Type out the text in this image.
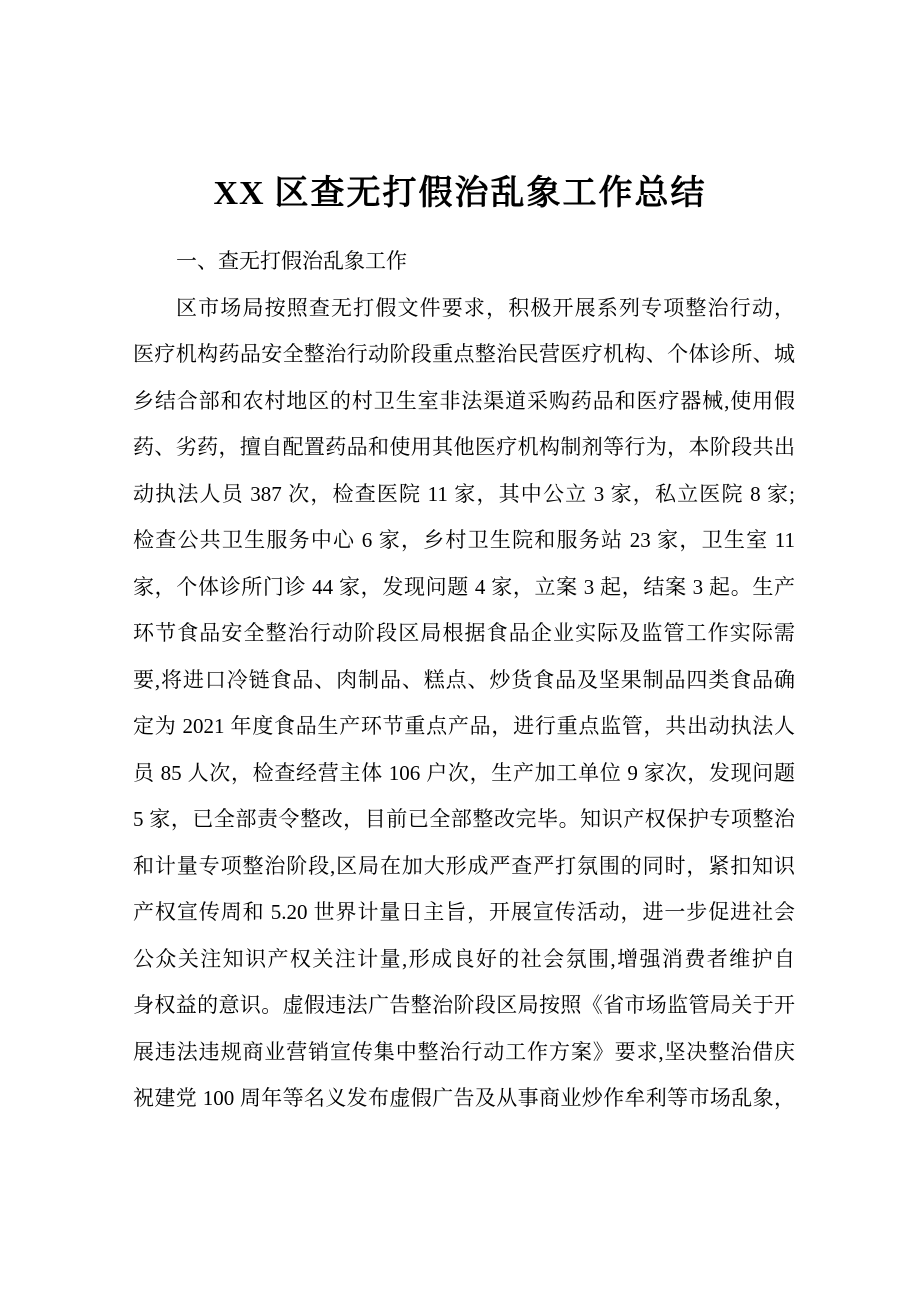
XX 区查无打假治乱象工作总结
一、查无打假治乱象工作
区市场局按照查无打假文件要求，积极开展系列专项整治行动，
医疗机构药品安全整治行动阶段重点整治民营医疗机构、个体诊所、城
乡结合部和农村地区的村卫生室非法渠道采购药品和医疗器械,使用假
药、劣药，擅自配置药品和使用其他医疗机构制剂等行为，本阶段共出
动执法人员 387 次，检查医院 11 家，其中公立 3 家，私立医院 8 家;
检查公共卫生服务中心 6 家，乡村卫生院和服务站 23 家，卫生室 11
家，个体诊所门诊 44 家，发现问题 4 家，立案 3 起，结案 3 起。生产
环节食品安全整治行动阶段区局根据食品企业实际及监管工作实际需
要,将进口冷链食品、肉制品、糕点、炒货食品及坚果制品四类食品确
定为 2021 年度食品生产环节重点产品，进行重点监管，共出动执法人
员 85 人次，检查经营主体 106 户次，生产加工单位 9 家次，发现问题
5 家，已全部责令整改，目前已全部整改完毕。知识产权保护专项整治
和计量专项整治阶段,区局在加大形成严查严打氛围的同时，紧扣知识
产权宣传周和 5.20 世界计量日主旨，开展宣传活动，进一步促进社会
公众关注知识产权关注计量,形成良好的社会氛围,增强消费者维护自
身权益的意识。虚假违法广告整治阶段区局按照《省市场监管局关于开
展违法违规商业营销宣传集中整治行动工作方案》要求,坚决整治借庆
祝建党 100 周年等名义发布虚假广告及从事商业炒作牟利等市场乱象，
